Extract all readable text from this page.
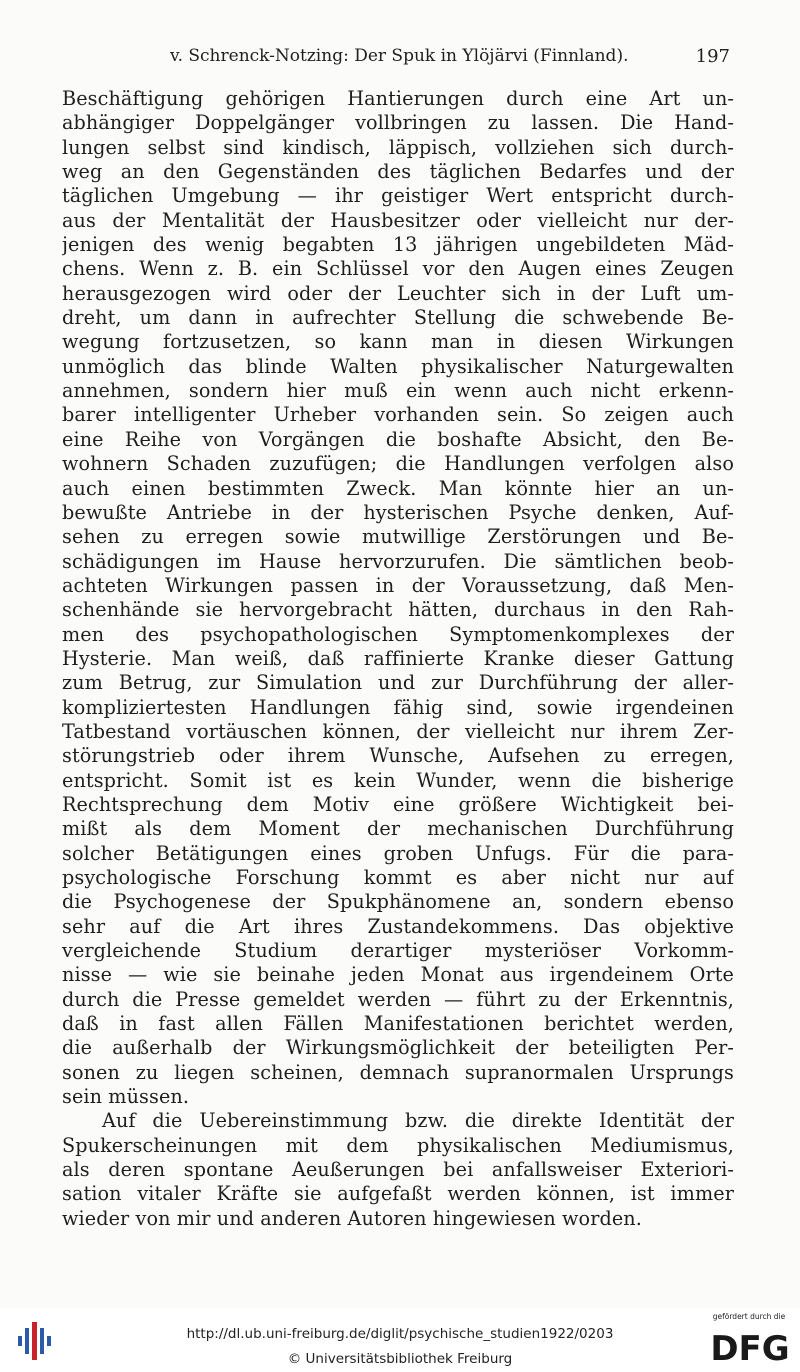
v. Schrenck-Notzing: Der Spuk in Ylöjärvi (Finnland).	197
Beschäftigung gehörigen Hantierungen durch eine Art un-
abhängiger Doppelgänger vollbringen zu lassen. Die Hand-
lungen selbst sind kindisch, läppisch, vollziehen sich durch-
weg an den Gegenständen des täglichen Bedarfes und der
täglichen Umgebung — ihr geistiger Wert entspricht durch-
aus der Mentalität der Hausbesitzer oder vielleicht nur der-
jenigen des wenig begabten 13 jährigen ungebildeten Mäd-
chens. Wenn z. B. ein Schlüssel vor den Augen eines Zeugen
herausgezogen wird oder der Leuchter sich in der Luft um-
dreht, um dann in aufrechter Stellung die schwebende Be-
wegung fortzusetzen, so kann man in diesen Wirkungen
unmöglich das blinde Walten physikalischer Naturgewalten
annehmen, sondern hier muß ein wenn auch nicht erkenn-
barer intelligenter Urheber vorhanden sein. So zeigen auch
eine Reihe von Vorgängen die boshafte Absicht, den Be-
wohnern Schaden zuzufügen; die Handlungen verfolgen also
auch einen bestimmten Zweck. Man könnte hier an un-
bewußte Antriebe in der hysterischen Psyche denken, Auf-
sehen zu erregen sowie mutwillige Zerstörungen und Be-
schädigungen im Hause hervorzurufen. Die sämtlichen beob-
achteten Wirkungen passen in der Voraussetzung, daß Men-
schenhände sie hervorgebracht hätten, durchaus in den Rah-
men des psychopathologischen Symptomenkomplexes der
Hysterie. Man weiß, daß raffinierte Kranke dieser Gattung
zum Betrug, zur Simulation und zur Durchführung der aller-
kompliziertesten Handlungen fähig sind, sowie irgendeinen
Tatbestand vortäuschen können, der vielleicht nur ihrem Zer-
störungstrieb oder ihrem Wunsche, Aufsehen zu erregen,
entspricht. Somit ist es kein Wunder, wenn die bisherige
Rechtsprechung dem Motiv eine größere Wichtigkeit bei-
mißt als dem Moment der mechanischen Durchführung
solcher Betätigungen eines groben Unfugs. Für die para-
psychologische Forschung kommt es aber nicht nur auf
die Psychogenese der Spukphänomene an, sondern ebenso
sehr auf die Art ihres Zustandekommens. Das objektive
vergleichende Studium derartiger mysteriöser Vorkomm-
nisse — wie sie beinahe jeden Monat aus irgendeinem Orte
durch die Presse gemeldet werden — führt zu der Erkenntnis,
daß in fast allen Fällen Manifestationen berichtet werden,
die außerhalb der Wirkungsmöglichkeit der beteiligten Per-
sonen zu liegen scheinen, demnach supranormalen Ursprungs
sein müssen.
Auf die Uebereinstimmung bzw. die direkte Identität der
Spukerscheinungen mit dem physikalischen Mediumismus,
als deren spontane Aeußerungen bei anfallsweiser Exteriori-
sation vitaler Kräfte sie aufgefaßt werden können, ist immer
wieder von mir und anderen Autoren hingewiesen worden.
http://dl.ub.uni-freiburg.de/diglit/psychische_studien1922/0203
© Universitätsbibliothek Freiburg
gefördert durch die
DFG
